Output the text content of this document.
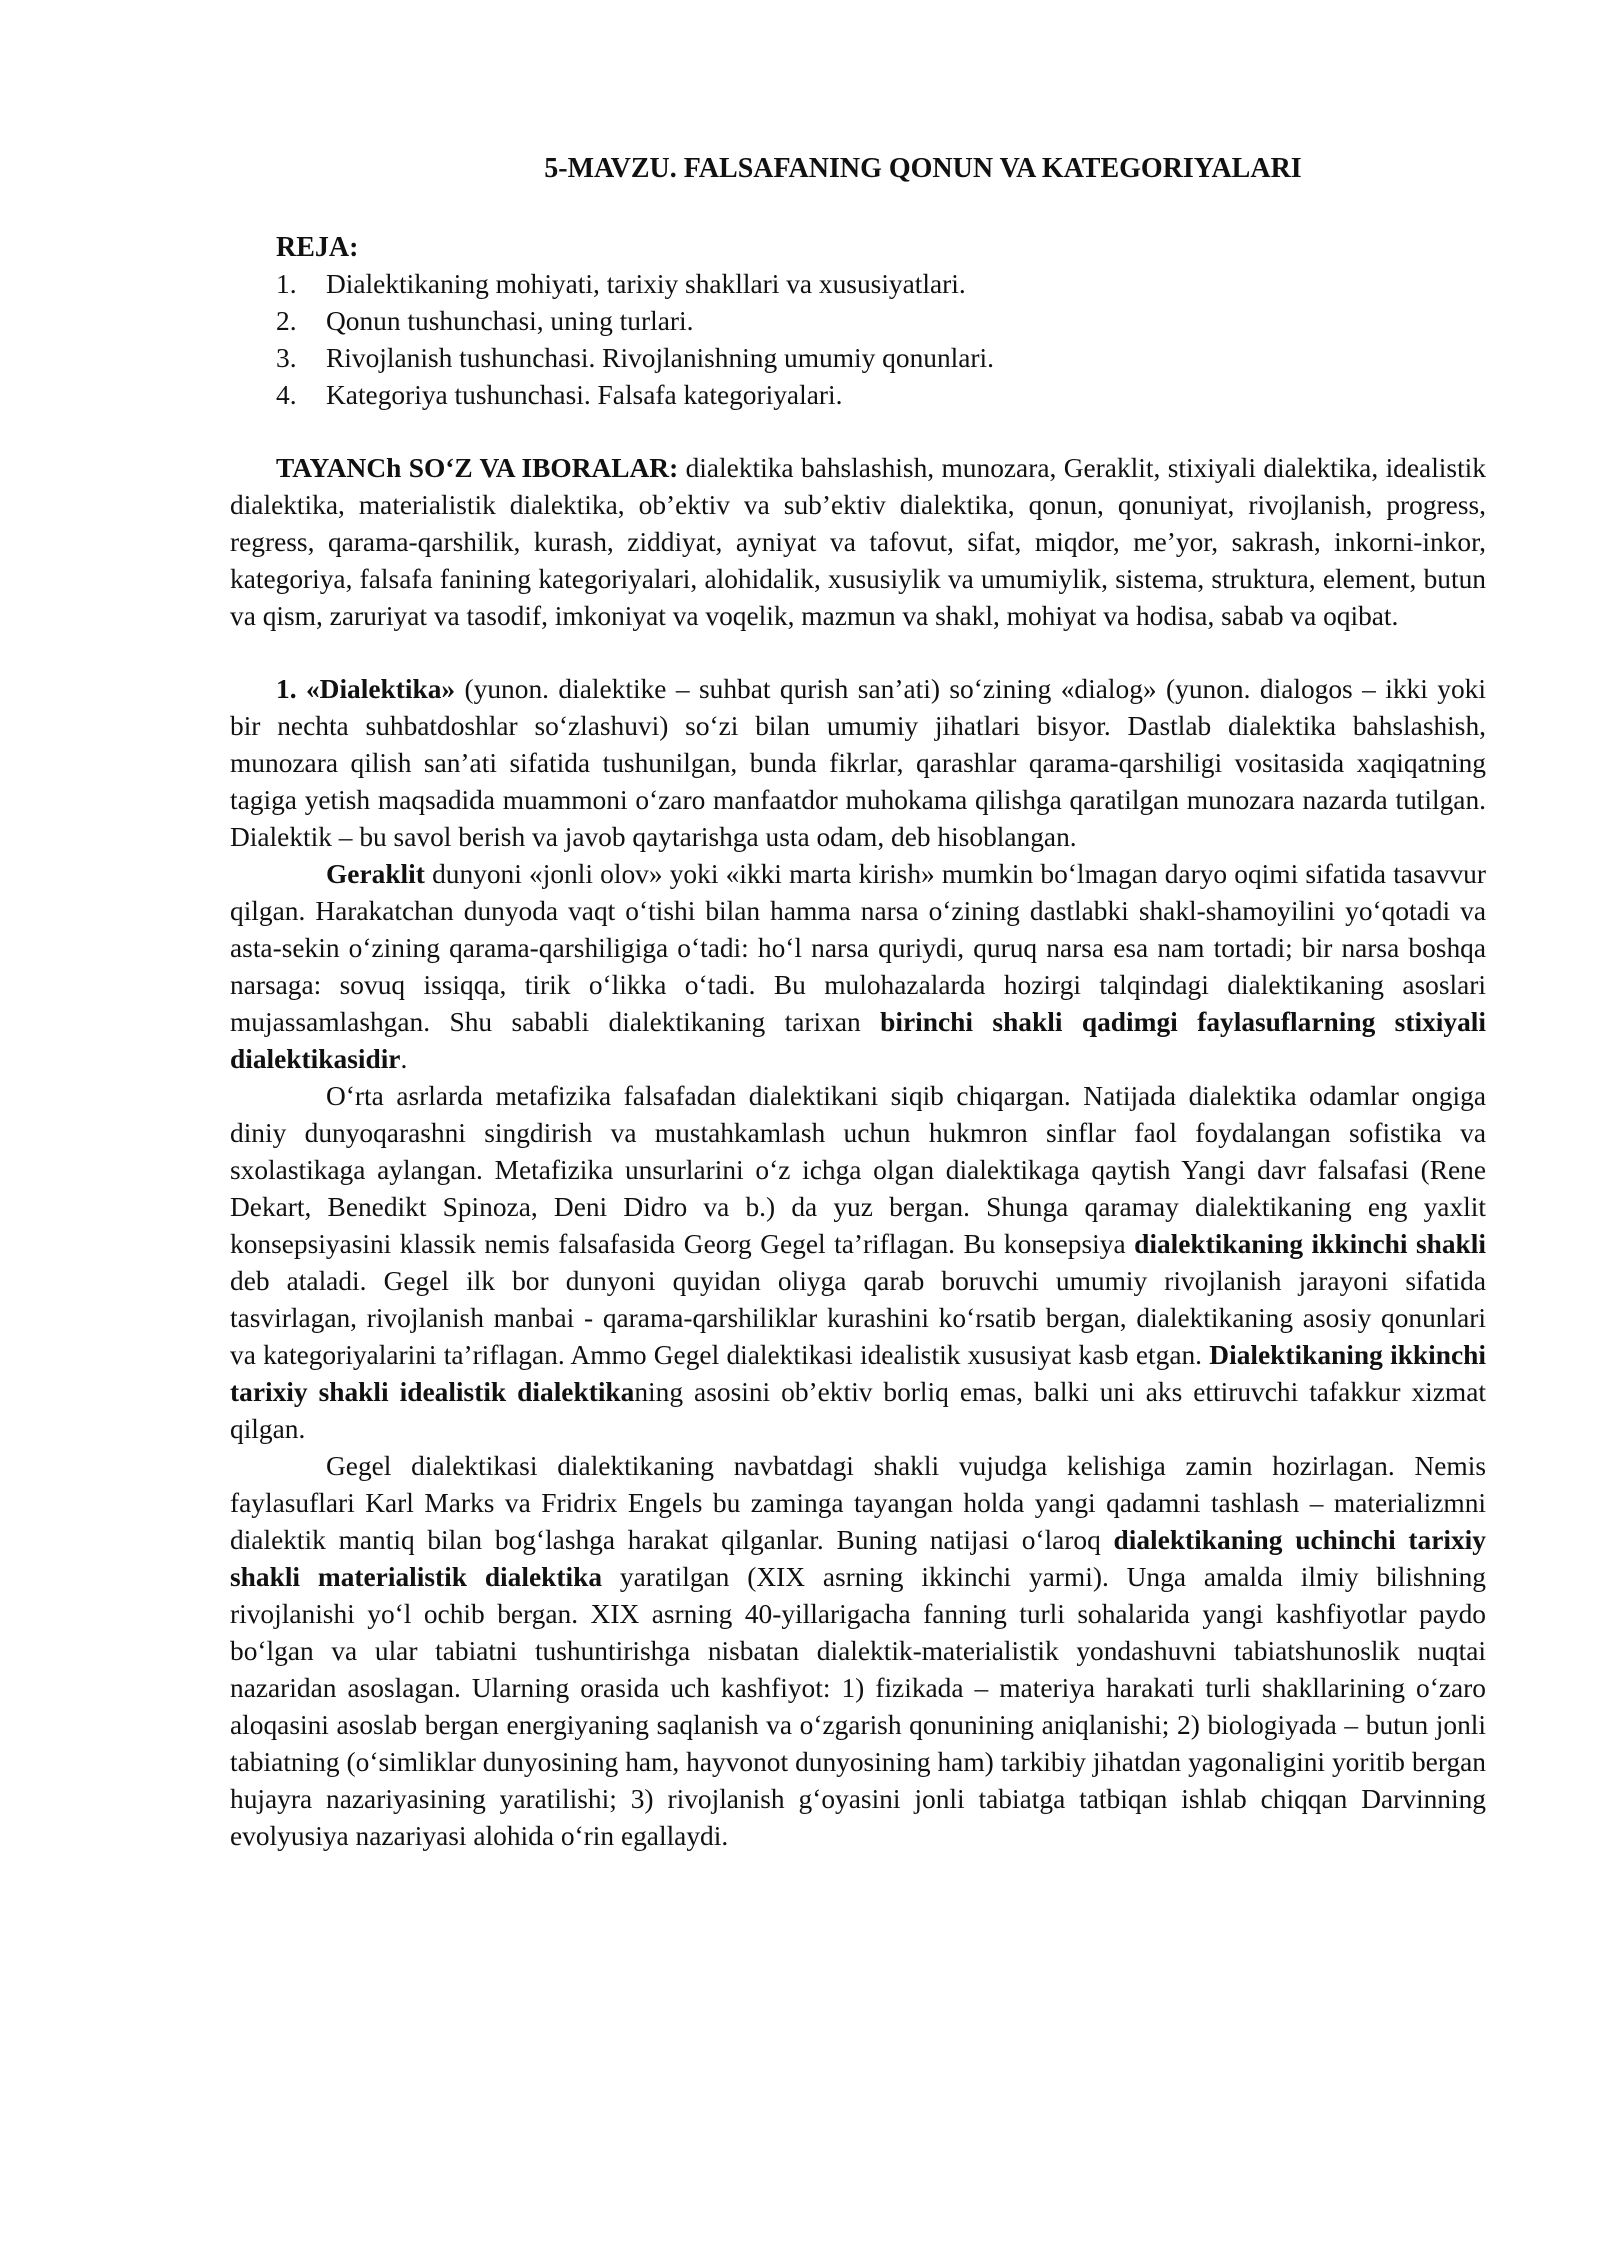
5-MAVZU. FALSAFANING QONUN VA KATEGORIYALARI
REJA:
1. Dialektikaning mohiyati, tarixiy shakllari va xususiyatlari.
2. Qonun tushunchasi, uning turlari.
3. Rivojlanish tushunchasi. Rivojlanishning umumiy qonunlari.
4. Kategoriya tushunchasi. Falsafa kategoriyalari.

TAYANCh SO‘Z VA IBORALAR: dialektika bahslashish, munozara, Geraklit, stixiyali dialektika, idealistik dialektika, materialistik dialektika, ob’ektiv va sub’ektiv dialektika, qonun, qonuniyat, rivojlanish, progress, regress, qarama-qarshilik, kurash, ziddiyat, ayniyat va tafovut, sifat, miqdor, me’yor, sakrash, inkorni-inkor, kategoriya, falsafa fanining kategoriyalari, alohidalik, xususiylik va umumiylik, sistema, struktura, element, butun va qism, zaruriyat va tasodif, imkoniyat va voqelik, mazmun va shakl, mohiyat va hodisa, sabab va oqibat.

1. «Dialektika» (yunon. dialektike – suhbat qurish san’ati) so‘zining «dialog» (yunon. dialogos – ikki yoki bir nechta suhbatdoshlar so‘zlashuvi) so‘zi bilan umumiy jihatlari bisyor. Dastlab dialektika bahslashish, munozara qilish san’ati sifatida tushunilgan, bunda fikrlar, qarashlar qarama-qarshiligi vositasida xaqiqatning tagiga yetish maqsadida muammoni o‘zaro manfaatdor muhokama qilishga qaratilgan munozara nazarda tutilgan. Dialektik – bu savol berish va javob qaytarishga usta odam, deb hisoblangan.

Geraklit dunyoni «jonli olov» yoki «ikki marta kirish» mumkin bo‘lmagan daryo oqimi sifatida tasavvur qilgan. Harakatchan dunyoda vaqt o‘tishi bilan hamma narsa o‘zining dastlabki shakl-shamoyilini yo‘qotadi va asta-sekin o‘zining qarama-qarshiligiga o‘tadi: ho‘l narsa quriydi, quruq narsa esa nam tortadi; bir narsa boshqa narsaga: sovuq issiqqa, tirik o‘likka o‘tadi. Bu mulohazalarda hozirgi talqindagi dialektikaning asoslari mujassamlashgan. Shu sababli dialektikaning tarixan birinchi shakli qadimgi faylasuflarning stixiyali dialektikasidir.

O‘rta asrlarda metafizika falsafadan dialektikani siqib chiqargan. Natijada dialektika odamlar ongiga diniy dunyoqarashni singdirish va mustahkamlash uchun hukmron sinflar faol foydalangan sofistika va sxolastikaga aylangan. Metafizika unsurlarini o‘z ichga olgan dialektikaga qaytish Yangi davr falsafasi (Rene Dekart, Benedikt Spinoza, Deni Didro va b.) da yuz bergan. Shunga qaramay dialektikaning eng yaxlit konsepsiyasini klassik nemis falsafasida Georg Gegel ta’riflagan. Bu konsepsiya dialektikaning ikkinchi shakli deb ataladi. Gegel ilk bor dunyoni quyidan oliyga qarab boruvchi umumiy rivojlanish jarayoni sifatida tasvirlagan, rivojlanish manbai - qarama-qarshiliklar kurashini ko‘rsatib bergan, dialektikaning asosiy qonunlari va kategoriyalarini ta’riflagan. Ammo Gegel dialektikasi idealistik xususiyat kasb etgan. Dialektikaning ikkinchi tarixiy shakli idealistik dialektikaning asosini ob’ektiv borliq emas, balki uni aks ettiruvchi tafakkur xizmat qilgan.

Gegel dialektikasi dialektikaning navbatdagi shakli vujudga kelishiga zamin hozirlagan. Nemis faylasuflari Karl Marks va Fridrix Engels bu zaminga tayangan holda yangi qadamni tashlash – materializmni dialektik mantiq bilan bog‘lashga harakat qilganlar. Buning natijasi o‘laroq dialektikaning uchinchi tarixiy shakli materialistik dialektika yaratilgan (XIX asrning ikkinchi yarmi). Unga amalda ilmiy bilishning rivojlanishi yo‘l ochib bergan. XIX asrning 40-yillarigacha fanning turli sohalarida yangi kashfiyotlar paydo bo‘lgan va ular tabiatni tushuntirishga nisbatan dialektik-materialistik yondashuvni tabiatshunoslik nuqtai nazaridan asoslagan. Ularning orasida uch kashfiyot: 1) fizikada – materiya harakati turli shakllarining o‘zaro aloqasini asoslab bergan energiyaning saqlanish va o‘zgarish qonunining aniqlanishi; 2) biologiyada – butun jonli tabiatning (o‘simliklar dunyosining ham, hayvonot dunyosining ham) tarkibiy jihatdan yagonaligini yoritib bergan hujayra nazariyasining yaratilishi; 3) rivojlanish g‘oyasini jonli tabiatga tatbiqan ishlab chiqqan Darvinning evolyusiya nazariyasi alohida o‘rin egallaydi.
